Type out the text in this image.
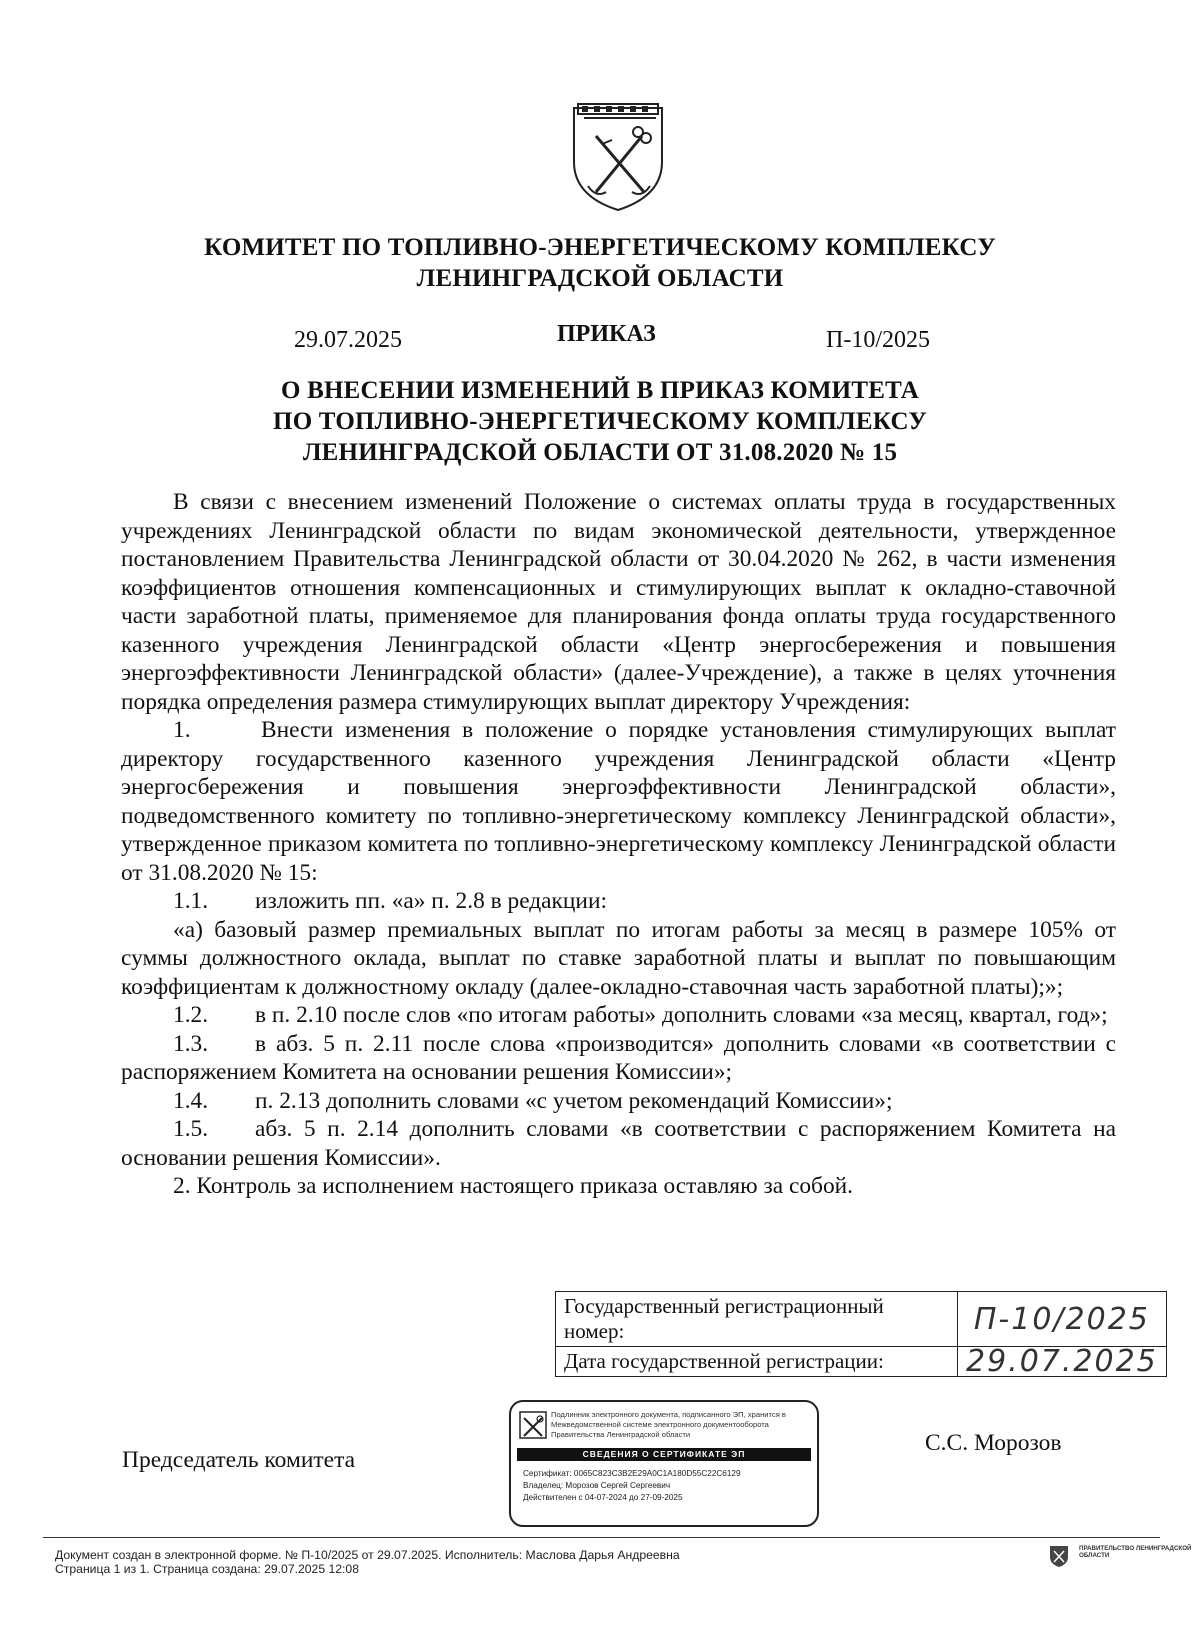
КОМИТЕТ ПО ТОПЛИВНО-ЭНЕРГЕТИЧЕСКОМУ КОМПЛЕКСУ
ЛЕНИНГРАДСКОЙ ОБЛАСТИ
29.07.2025	ПРИКАЗ	П-10/2025
О ВНЕСЕНИИ ИЗМЕНЕНИЙ В ПРИКАЗ КОМИТЕТА
ПО ТОПЛИВНО-ЭНЕРГЕТИЧЕСКОМУ КОМПЛЕКСУ
ЛЕНИНГРАДСКОЙ ОБЛАСТИ ОТ 31.08.2020 № 15

В связи с внесением изменений Положение о системах оплаты труда в государственных учреждениях Ленинградской области по видам экономической деятельности, утвержденное постановлением Правительства Ленинградской области от 30.04.2020 № 262, в части изменения коэффициентов отношения компенсационных и стимулирующих выплат к окладно-ставочной части заработной платы, применяемое для планирования фонда оплаты труда государственного казенного учреждения Ленинградской области «Центр энергосбережения и повышения энергоэффективности Ленинградской области» (далее-Учреждение), а также в целях уточнения порядка определения размера стимулирующих выплат директору Учреждения:

1.	Внести изменения в положение о порядке установления стимулирующих выплат директору государственного казенного учреждения Ленинградской области «Центр энергосбережения и повышения энергоэффективности Ленинградской области», подведомственного комитету по топливно-энергетическому комплексу Ленинградской области», утвержденное приказом комитета по топливно-энергетическому комплексу Ленинградской области от 31.08.2020 № 15:

1.1. изложить пп. «а» п. 2.8 в редакции:

«а) базовый размер премиальных выплат по итогам работы за месяц в размере 105% от суммы должностного оклада, выплат по ставке заработной платы и выплат по повышающим коэффициентам к должностному окладу (далее-окладно-ставочная часть заработной платы);»;

1.2. в п. 2.10 после слов «по итогам работы» дополнить словами «за месяц, квартал, год»;

1.3. в абз. 5 п. 2.11 после слова «производится» дополнить словами «в соответствии с распоряжением Комитета на основании решения Комиссии»;

1.4. п. 2.13 дополнить словами «с учетом рекомендаций Комиссии»;

1.5. абз. 5 п. 2.14 дополнить словами «в соответствии с распоряжением Комитета на основании решения Комиссии».

2. Контроль за исполнением настоящего приказа оставляю за собой.

Государственный регистрационный номер:	П-10/2025
Дата государственной регистрации:	29.07.2025
Председатель комитета
Подлинник электронного документа, подписанного ЭП, хранится в Межведомственной системе электронного документооборота Правительства Ленинградской области
СВЕДЕНИЯ О СЕРТИФИКАТЕ ЭП
Сертификат: 0065C823C3B2E29A0C1A180D55C22C6129
Владелец: Морозов Сергей Сергеевич
Действителен с 04-07-2024 до 27-09-2025
С.С. Морозов
Документ создан в электронной форме. № П-10/2025 от 29.07.2025. Исполнитель: Маслова Дарья Андреевна
Страница 1 из 1. Страница создана: 29.07.2025 12:08
ПРАВИТЕЛЬСТВО ЛЕНИНГРАДСКОЙ ОБЛАСТИ
